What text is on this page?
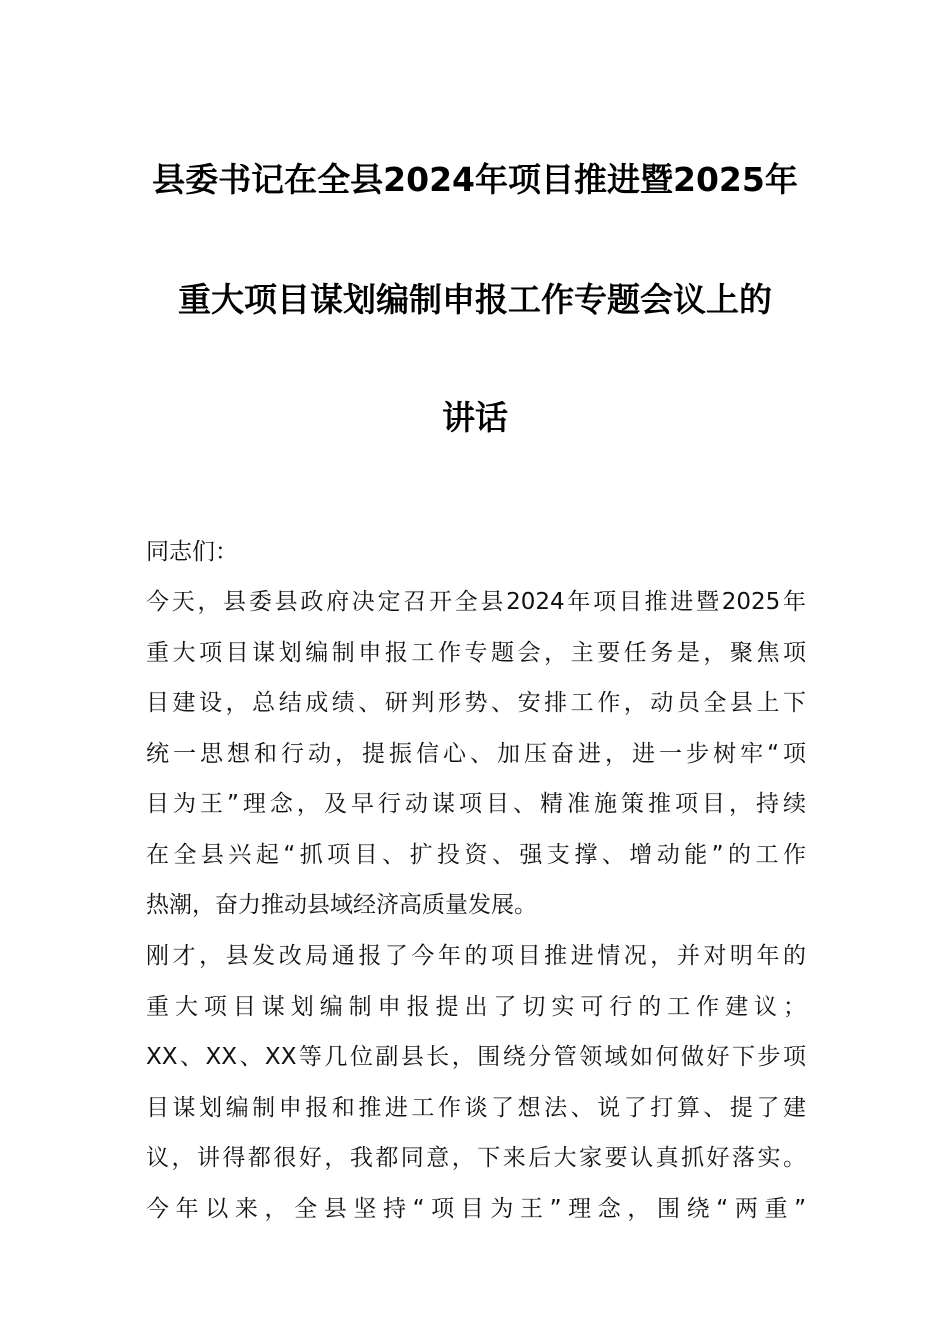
县委书记在全县2024年项目推进暨2025年
重大项目谋划编制申报工作专题会议上的
讲话
同志们：
今天，县委县政府决定召开全县2024年项目推进暨2025年
重大项目谋划编制申报工作专题会，主要任务是，聚焦项
目建设，总结成绩、研判形势、安排工作，动员全县上下
统一思想和行动，提振信心、加压奋进，进一步树牢“项
目为王”理念，及早行动谋项目、精准施策推项目，持续
在全县兴起“抓项目、扩投资、强支撑、增动能”的工作
热潮，奋力推动县域经济高质量发展。
刚才，县发改局通报了今年的项目推进情况，并对明年的
重大项目谋划编制申报提出了切实可行的工作建议；
XX、XX、XX等几位副县长，围绕分管领域如何做好下步项
目谋划编制申报和推进工作谈了想法、说了打算、提了建
议，讲得都很好，我都同意，下来后大家要认真抓好落实。
今年以来，全县坚持“项目为王”理念，围绕“两重”
